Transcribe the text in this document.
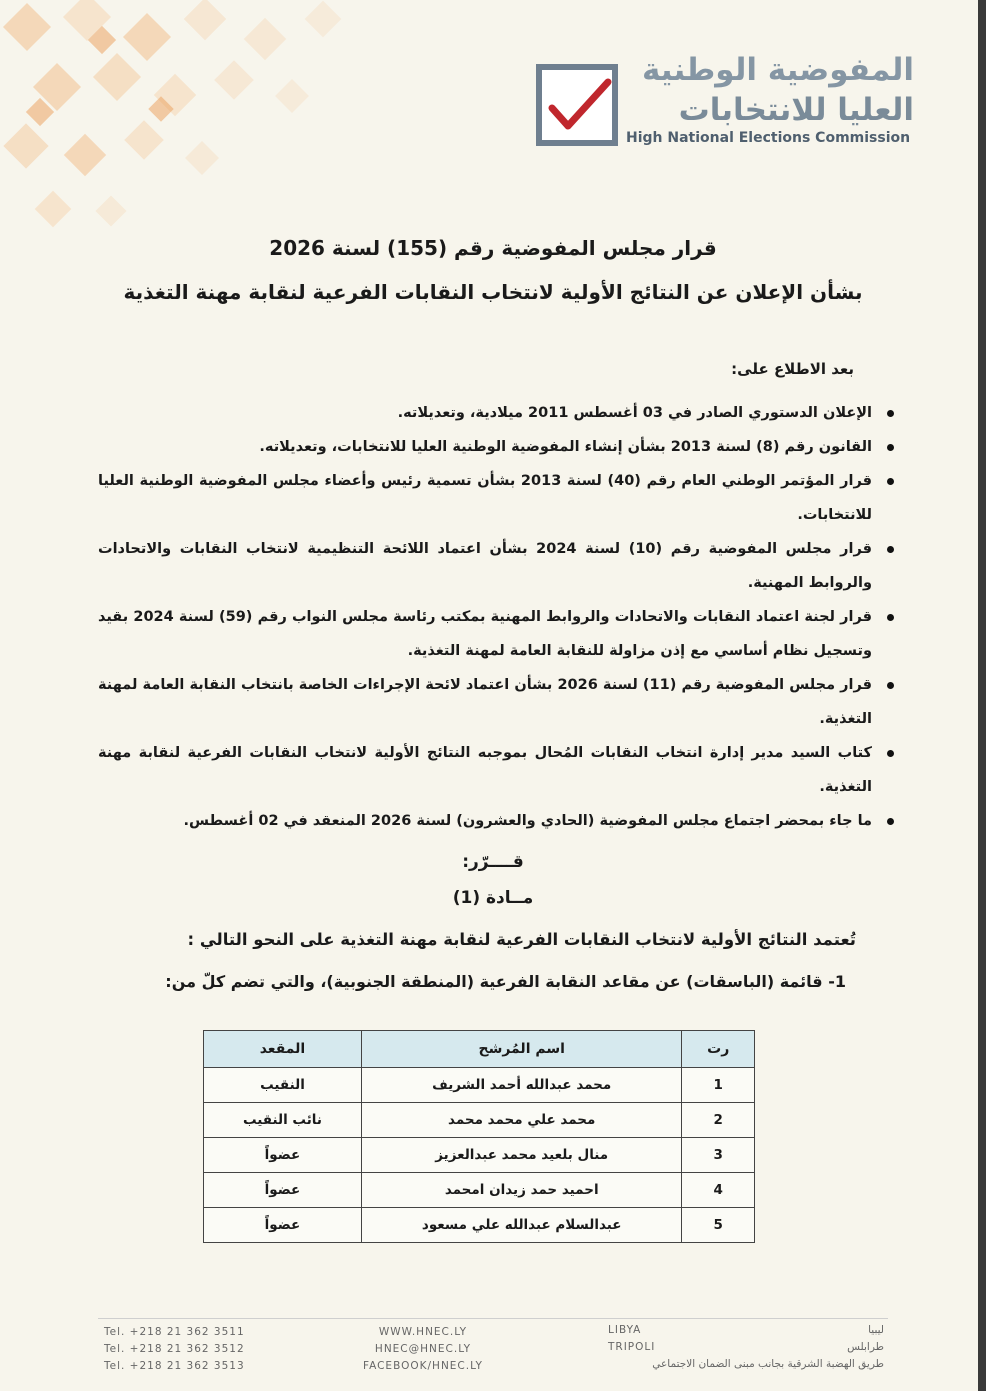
المفوضية الوطنية
العليا للانتخابات
High National Elections Commission
قرار مجلس المفوضية رقم (155) لسنة 2026
بشأن الإعلان عن النتائج الأولية لانتخاب النقابات الفرعية لنقابة مهنة التغذية
بعد الاطلاع على:
الإعلان الدستوري الصادر في 03 أغسطس 2011 ميلادية، وتعديلاته.
القانون رقم (8) لسنة 2013 بشأن إنشاء المفوضية الوطنية العليا للانتخابات، وتعديلاته.
قرار المؤتمر الوطني العام رقم (40) لسنة 2013 بشأن تسمية رئيس وأعضاء مجلس المفوضية الوطنية العليا للانتخابات.
قرار مجلس المفوضية رقم (10) لسنة 2024 بشأن اعتماد اللائحة التنظيمية لانتخاب النقابات والاتحادات والروابط المهنية.
قرار لجنة اعتماد النقابات والاتحادات والروابط المهنية بمكتب رئاسة مجلس النواب رقم (59) لسنة 2024 بقيد وتسجيل نظام أساسي مع إذن مزاولة للنقابة العامة لمهنة التغذية.
قرار مجلس المفوضية رقم (11) لسنة 2026 بشأن اعتماد لائحة الإجراءات الخاصة بانتخاب النقابة العامة لمهنة التغذية.
كتاب السيد مدير إدارة انتخاب النقابات المُحال بموجبه النتائج الأولية لانتخاب النقابات الفرعية لنقابة مهنة التغذية.
ما جاء بمحضر اجتماع مجلس المفوضية (الحادي والعشرون) لسنة 2026 المنعقد في 02 أغسطس.
قــــرّر:
مــادة (1)
تُعتمد النتائج الأولية لانتخاب النقابات الفرعية لنقابة مهنة التغذية على النحو التالي :
1- قائمة (الباسقات) عن مقاعد النقابة الفرعية (المنطقة الجنوبية)، والتي تضم كلّ من:
رت	اسم المُرشح	المقعد
1	محمد عبدالله أحمد الشريف	النقيب
2	محمد علي محمد محمد	نائب النقيب
3	منال بلعيد محمد عبدالعزيز	عضواً
4	احميد حمد زيدان امحمد	عضواً
5	عبدالسلام عبدالله علي مسعود	عضواً
Tel. +218 21 362 3511
Tel. +218 21 362 3512
Tel. +218 21 362 3513
WWW.HNEC.LY
HNEC@HNEC.LY
FACEBOOK/HNEC.LY
LIBYA
TRIPOLI
ليبيا
طرابلس
طريق الهضبة الشرقية بجانب مبنى الضمان الاجتماعي
